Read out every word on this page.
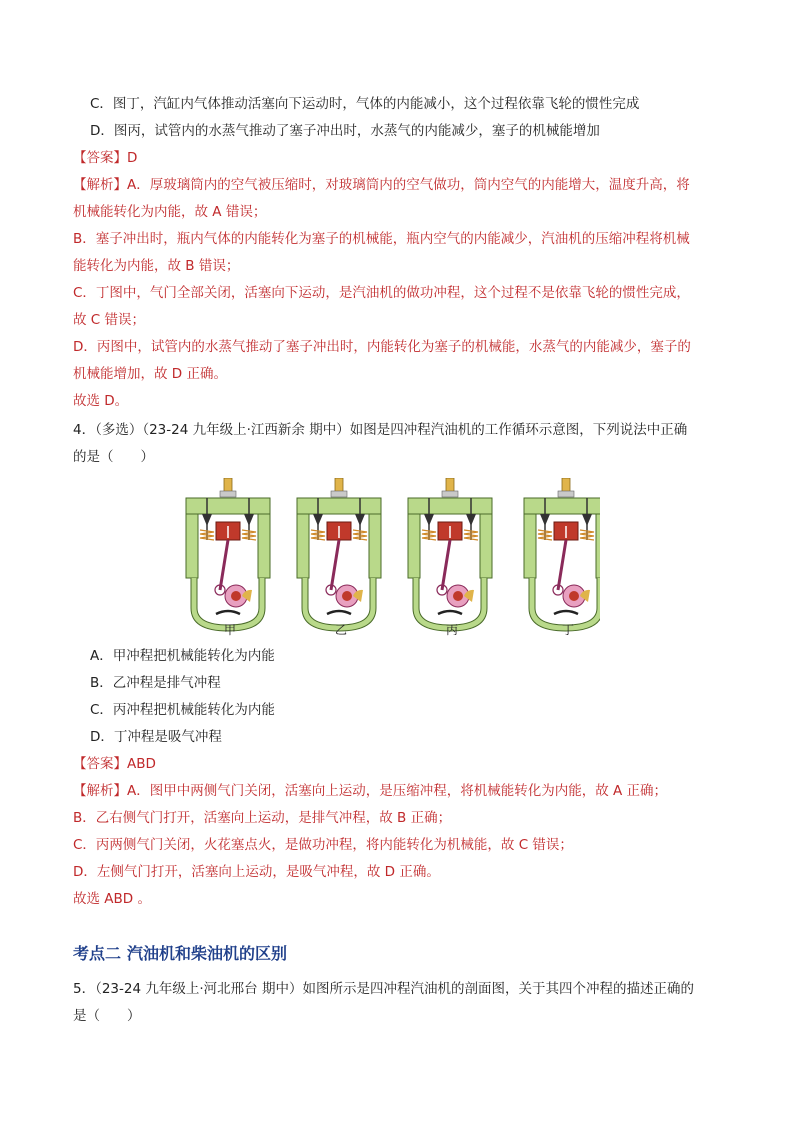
C．图丁，汽缸内气体推动活塞向下运动时，气体的内能减小，这个过程依靠飞轮的惯性完成
D．图丙，试管内的水蒸气推动了塞子冲出时，水蒸气的内能减少，塞子的机械能增加
【答案】D
【解析】A．厚玻璃筒内的空气被压缩时，对玻璃筒内的空气做功，筒内空气的内能增大，温度升高，将
机械能转化为内能，故 A 错误；
B．塞子冲出时，瓶内气体的内能转化为塞子的机械能，瓶内空气的内能减少，汽油机的压缩冲程将机械
能转化为内能，故 B 错误；
C．丁图中，气门全部关闭，活塞向下运动，是汽油机的做功冲程，这个过程不是依靠飞轮的惯性完成，
故 C 错误；
D．丙图中，试管内的水蒸气推动了塞子冲出时，内能转化为塞子的机械能，水蒸气的内能减少，塞子的
机械能增加，故 D 正确。
故选 D。
4．（多选）（23-24 九年级上·江西新余 期中）如图是四冲程汽油机的工作循环示意图，下列说法中正确
的是（　　）
甲	乙	丙	丁
A．甲冲程把机械能转化为内能
B．乙冲程是排气冲程
C．丙冲程把机械能转化为内能
D．丁冲程是吸气冲程
【答案】ABD
【解析】A．图甲中两侧气门关闭，活塞向上运动，是压缩冲程，将机械能转化为内能，故 A 正确；
B．乙右侧气门打开，活塞向上运动，是排气冲程，故 B 正确；
C．丙两侧气门关闭，火花塞点火，是做功冲程，将内能转化为机械能，故 C 错误；
D．左侧气门打开，活塞向上运动，是吸气冲程，故 D 正确。
故选 ABD 。
考点二 汽油机和柴油机的区别
5．（23-24 九年级上·河北邢台 期中）如图所示是四冲程汽油机的剖面图，关于其四个冲程的描述正确的
是（　　）
